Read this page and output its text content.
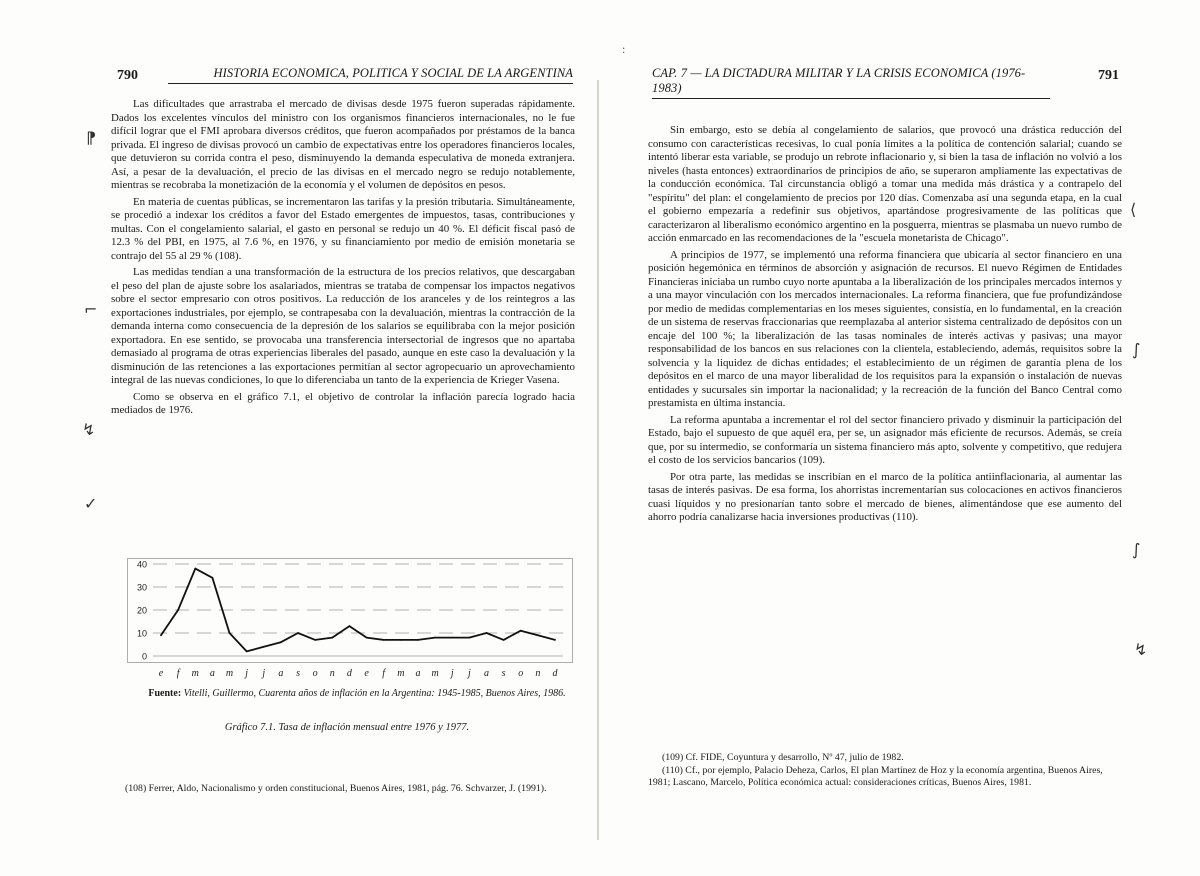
790	HISTORIA ECONOMICA, POLITICA Y SOCIAL DE LA ARGENTINA

Las dificultades que arrastraba el mercado de divisas desde 1975 fueron superadas rápidamente. Dados los excelentes vínculos del ministro con los organismos financieros internacionales, no le fue difícil lograr que el FMI aprobara diversos créditos, que fueron acompañados por préstamos de la banca privada. El ingreso de divisas provocó un cambio de expectativas entre los operadores financieros locales, que detuvieron su corrida contra el peso, disminuyendo la demanda especulativa de moneda extranjera. Así, a pesar de la devaluación, el precio de las divisas en el mercado negro se redujo notablemente, mientras se recobraba la monetización de la economía y el volumen de depósitos en pesos.

En materia de cuentas públicas, se incrementaron las tarifas y la presión tributaria. Simultáneamente, se procedió a indexar los créditos a favor del Estado emergentes de impuestos, tasas, contribuciones y multas. Con el congelamiento salarial, el gasto en personal se redujo un 40 %. El déficit fiscal pasó de 12.3 % del PBI, en 1975, al 7.6 %, en 1976, y su financiamiento por medio de emisión monetaria se contrajo del 55 al 29 % (108).

Las medidas tendían a una transformación de la estructura de los precios relativos, que descargaban el peso del plan de ajuste sobre los asalariados, mientras se trataba de compensar los impactos negativos sobre el sector empresario con otros positivos. La reducción de los aranceles y de los reintegros a las exportaciones industriales, por ejemplo, se contrapesaba con la devaluación, mientras la contracción de la demanda interna como consecuencia de la depresión de los salarios se equilibraba con la mejor posición exportadora. En ese sentido, se provocaba una transferencia intersectorial de ingresos que no apartaba demasiado al programa de otras experiencias liberales del pasado, aunque en este caso la devaluación y la disminución de las retenciones a las exportaciones permitían al sector agropecuario un aprovechamiento integral de las nuevas condiciones, lo que lo diferenciaba un tanto de la experiencia de Krieger Vasena.

Como se observa en el gráfico 7.1, el objetivo de controlar la inflación parecía logrado hacia mediados de 1976.

0
10
20
30
40
e f m a m j j a s o n d e f m a m j j a s o n d
Fuente: Vitelli, Guillermo, Cuarenta años de inflación en la Argentina: 1945-1985, Buenos Aires, 1986.
Gráfico 7.1. Tasa de inflación mensual entre 1976 y 1977.

(108) Ferrer, Aldo, Nacionalismo y orden constitucional, Buenos Aires, 1981, pág. 76. Schvarzer, J. (1991).

⁋
⌐
↯
✓
CAP. 7 — LA DICTADURA MILITAR Y LA CRISIS ECONOMICA (1976-1983)
791

Sin embargo, esto se debía al congelamiento de salarios, que provocó una drástica reducción del consumo con características recesivas, lo cual ponía límites a la política de contención salarial; cuando se intentó liberar esta variable, se produjo un rebrote inflacionario y, si bien la tasa de inflación no volvió a los niveles (hasta entonces) extraordinarios de principios de año, se superaron ampliamente las expectativas de la conducción económica. Tal circunstancia obligó a tomar una medida más drástica y a contrapelo del "espíritu" del plan: el congelamiento de precios por 120 días. Comenzaba así una segunda etapa, en la cual el gobierno empezaría a redefinir sus objetivos, apartándose progresivamente de las políticas que caracterizaron al liberalismo económico argentino en la posguerra, mientras se plasmaba un nuevo rumbo de acción enmarcado en las recomendaciones de la "escuela monetarista de Chicago".

A principios de 1977, se implementó una reforma financiera que ubicaría al sector financiero en una posición hegemónica en términos de absorción y asignación de recursos. El nuevo Régimen de Entidades Financieras iniciaba un rumbo cuyo norte apuntaba a la liberalización de los principales mercados internos y a una mayor vinculación con los mercados internacionales. La reforma financiera, que fue profundizándose por medio de medidas complementarias en los meses siguientes, consistía, en lo fundamental, en la creación de un sistema de reservas fraccionarias que reemplazaba al anterior sistema centralizado de depósitos con un encaje del 100 %; la liberalización de las tasas nominales de interés activas y pasivas; una mayor responsabilidad de los bancos en sus relaciones con la clientela, estableciendo, además, requisitos sobre la solvencia y la liquidez de dichas entidades; el establecimiento de un régimen de garantía plena de los depósitos en el marco de una mayor liberalidad de los requisitos para la expansión o instalación de nuevas entidades y sucursales sin importar la nacionalidad; y la recreación de la función del Banco Central como prestamista en última instancia.

La reforma apuntaba a incrementar el rol del sector financiero privado y disminuir la participación del Estado, bajo el supuesto de que aquél era, per se, un asignador más eficiente de recursos. Además, se creía que, por su intermedio, se conformaría un sistema financiero más apto, solvente y competitivo, que redujera el costo de los servicios bancarios (109).

Por otra parte, las medidas se inscribían en el marco de la política antiinflacionaria, al aumentar las tasas de interés pasivas. De esa forma, los ahorristas incrementarían sus colocaciones en activos financieros cuasi líquidos y no presionarían tanto sobre el mercado de bienes, alimentándose que ese aumento del ahorro podría canalizarse hacia inversiones productivas (110).

(109) Cf. FIDE, Coyuntura y desarrollo, Nº 47, julio de 1982.

(110) Cf., por ejemplo, Palacio Deheza, Carlos, El plan Martínez de Hoz y la economía argentina, Buenos Aires, 1981; Lascano, Marcelo, Política económica actual: consideraciones críticas, Buenos Aires, 1981.

⟨
∫
∫
↯
:
